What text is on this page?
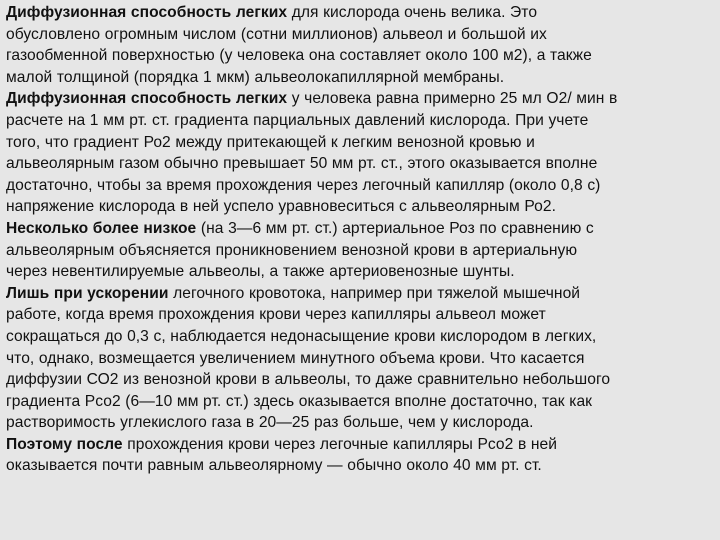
Диффузионная способность легких для кислорода очень велика. Это
обусловлено огромным числом (сотни миллионов) альвеол и большой их
газообменной поверхностью (у человека она составляет около 100 м2), а также
малой толщиной (порядка 1 мкм) альвеолокапиллярной мембраны.
Диффузионная способность легких у человека равна примерно 25 мл О2/ мин в
расчете на 1 мм рт. ст. градиента парциальных давлений кислорода. При учете
того, что градиент Ро2 между притекающей к легким венозной кровью и
альвеолярным газом обычно превышает 50 мм рт. ст., этого оказывается вполне
достаточно, чтобы за время прохождения через легочный капилляр (около 0,8 с)
напряжение кислорода в ней успело уравновеситься с альвеолярным Ро2.
Несколько более низкое (на 3—6 мм рт. ст.) артериальное Роз по сравнению с
альвеолярным объясняется проникновением венозной крови в артериальную
через невентилируемые альвеолы, а также артериовенозные шунты.
Лишь при ускорении легочного кровотока, например при тяжелой мышечной
работе, когда время прохождения крови через капилляры альвеол может
сокращаться до 0,3 с, наблюдается недонасыщение крови кислородом в легких,
что, однако, возмещается увеличением минутного объема крови. Что касается
диффузии СО2 из венозной крови в альвеолы, то даже сравнительно небольшого
градиента Рсо2 (6—10 мм рт. ст.) здесь оказывается вполне достаточно, так как
растворимость углекислого газа в 20—25 раз больше, чем у кислорода.
Поэтому после прохождения крови через легочные капилляры Рсо2 в ней
оказывается почти равным альвеолярному — обычно около 40 мм рт. ст.
